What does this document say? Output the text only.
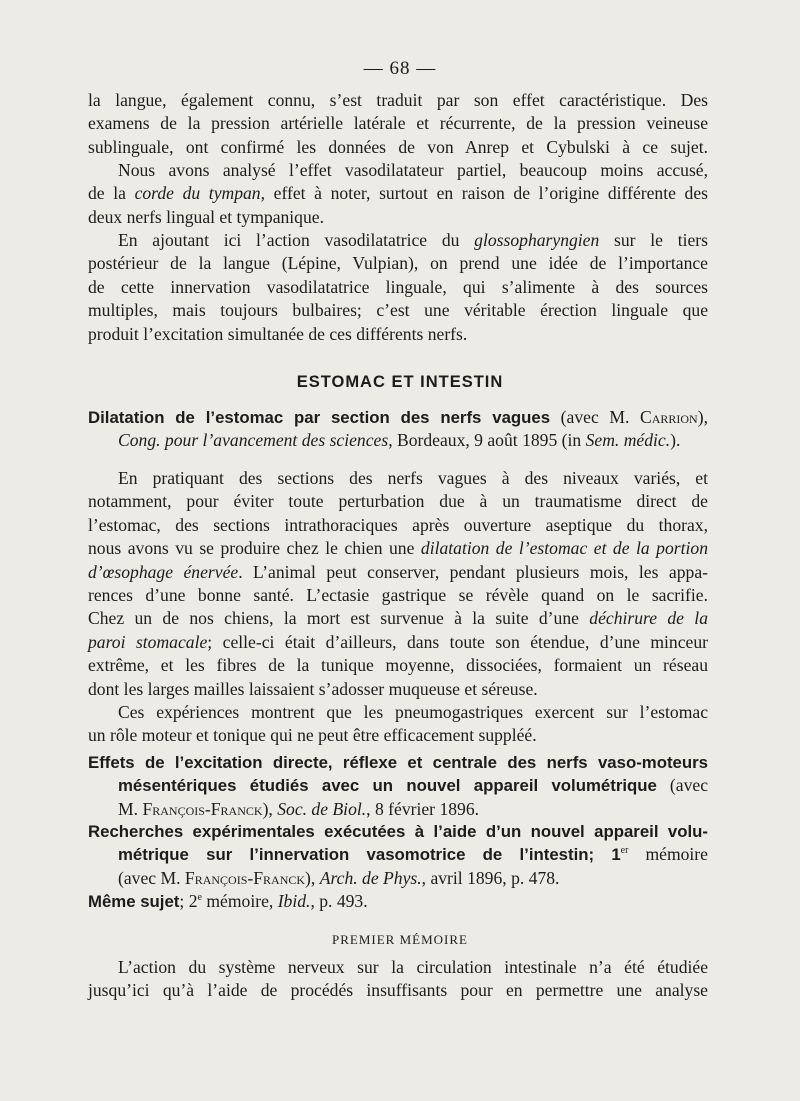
— 68 —
la langue, également connu, s’est traduit par son effet caractéristique. Des
examens de la pression artérielle latérale et récurrente, de la pression veineuse
sublinguale, ont confirmé les données de von Anrep et Cybulski à ce sujet.
Nous avons analysé l’effet vasodilatateur partiel, beaucoup moins accusé,
de la corde du tympan, effet à noter, surtout en raison de l’origine différente des
deux nerfs lingual et tympanique.
En ajoutant ici l’action vasodilatatrice du glossopharyngien sur le tiers
postérieur de la langue (Lépine, Vulpian), on prend une idée de l’importance
de cette innervation vasodilatatrice linguale, qui s’alimente à des sources
multiples, mais toujours bulbaires; c’est une véritable érection linguale que
produit l’excitation simultanée de ces différents nerfs.
ESTOMAC ET INTESTIN
Dilatation de l’estomac par section des nerfs vagues (avec M. Carrion),
Cong. pour l’avancement des sciences, Bordeaux, 9 août 1895 (in Sem. médic.).
En pratiquant des sections des nerfs vagues à des niveaux variés, et
notamment, pour éviter toute perturbation due à un traumatisme direct de
l’estomac, des sections intrathoraciques après ouverture aseptique du thorax,
nous avons vu se produire chez le chien une dilatation de l’estomac et de la portion
d’œsophage énervée. L’animal peut conserver, pendant plusieurs mois, les appa-
rences d’une bonne santé. L’ectasie gastrique se révèle quand on le sacrifie.
Chez un de nos chiens, la mort est survenue à la suite d’une déchirure de la
paroi stomacale; celle-ci était d’ailleurs, dans toute son étendue, d’une minceur
extrême, et les fibres de la tunique moyenne, dissociées, formaient un réseau
dont les larges mailles laissaient s’adosser muqueuse et séreuse.
Ces expériences montrent que les pneumogastriques exercent sur l’estomac
un rôle moteur et tonique qui ne peut être efficacement suppléé.
Effets de l’excitation directe, réflexe et centrale des nerfs vaso-moteurs
mésentériques étudiés avec un nouvel appareil volumétrique (avec
M. François-Franck), Soc. de Biol., 8 février 1896.
Recherches expérimentales exécutées à l’aide d’un nouvel appareil volu-
métrique sur l’innervation vasomotrice de l’intestin; 1er mémoire
(avec M. François-Franck), Arch. de Phys., avril 1896, p. 478.
Même sujet; 2e mémoire, Ibid., p. 493.
PREMIER MÉMOIRE
L’action du système nerveux sur la circulation intestinale n’a été étudiée
jusqu’ici qu’à l’aide de procédés insuffisants pour en permettre une analyse
